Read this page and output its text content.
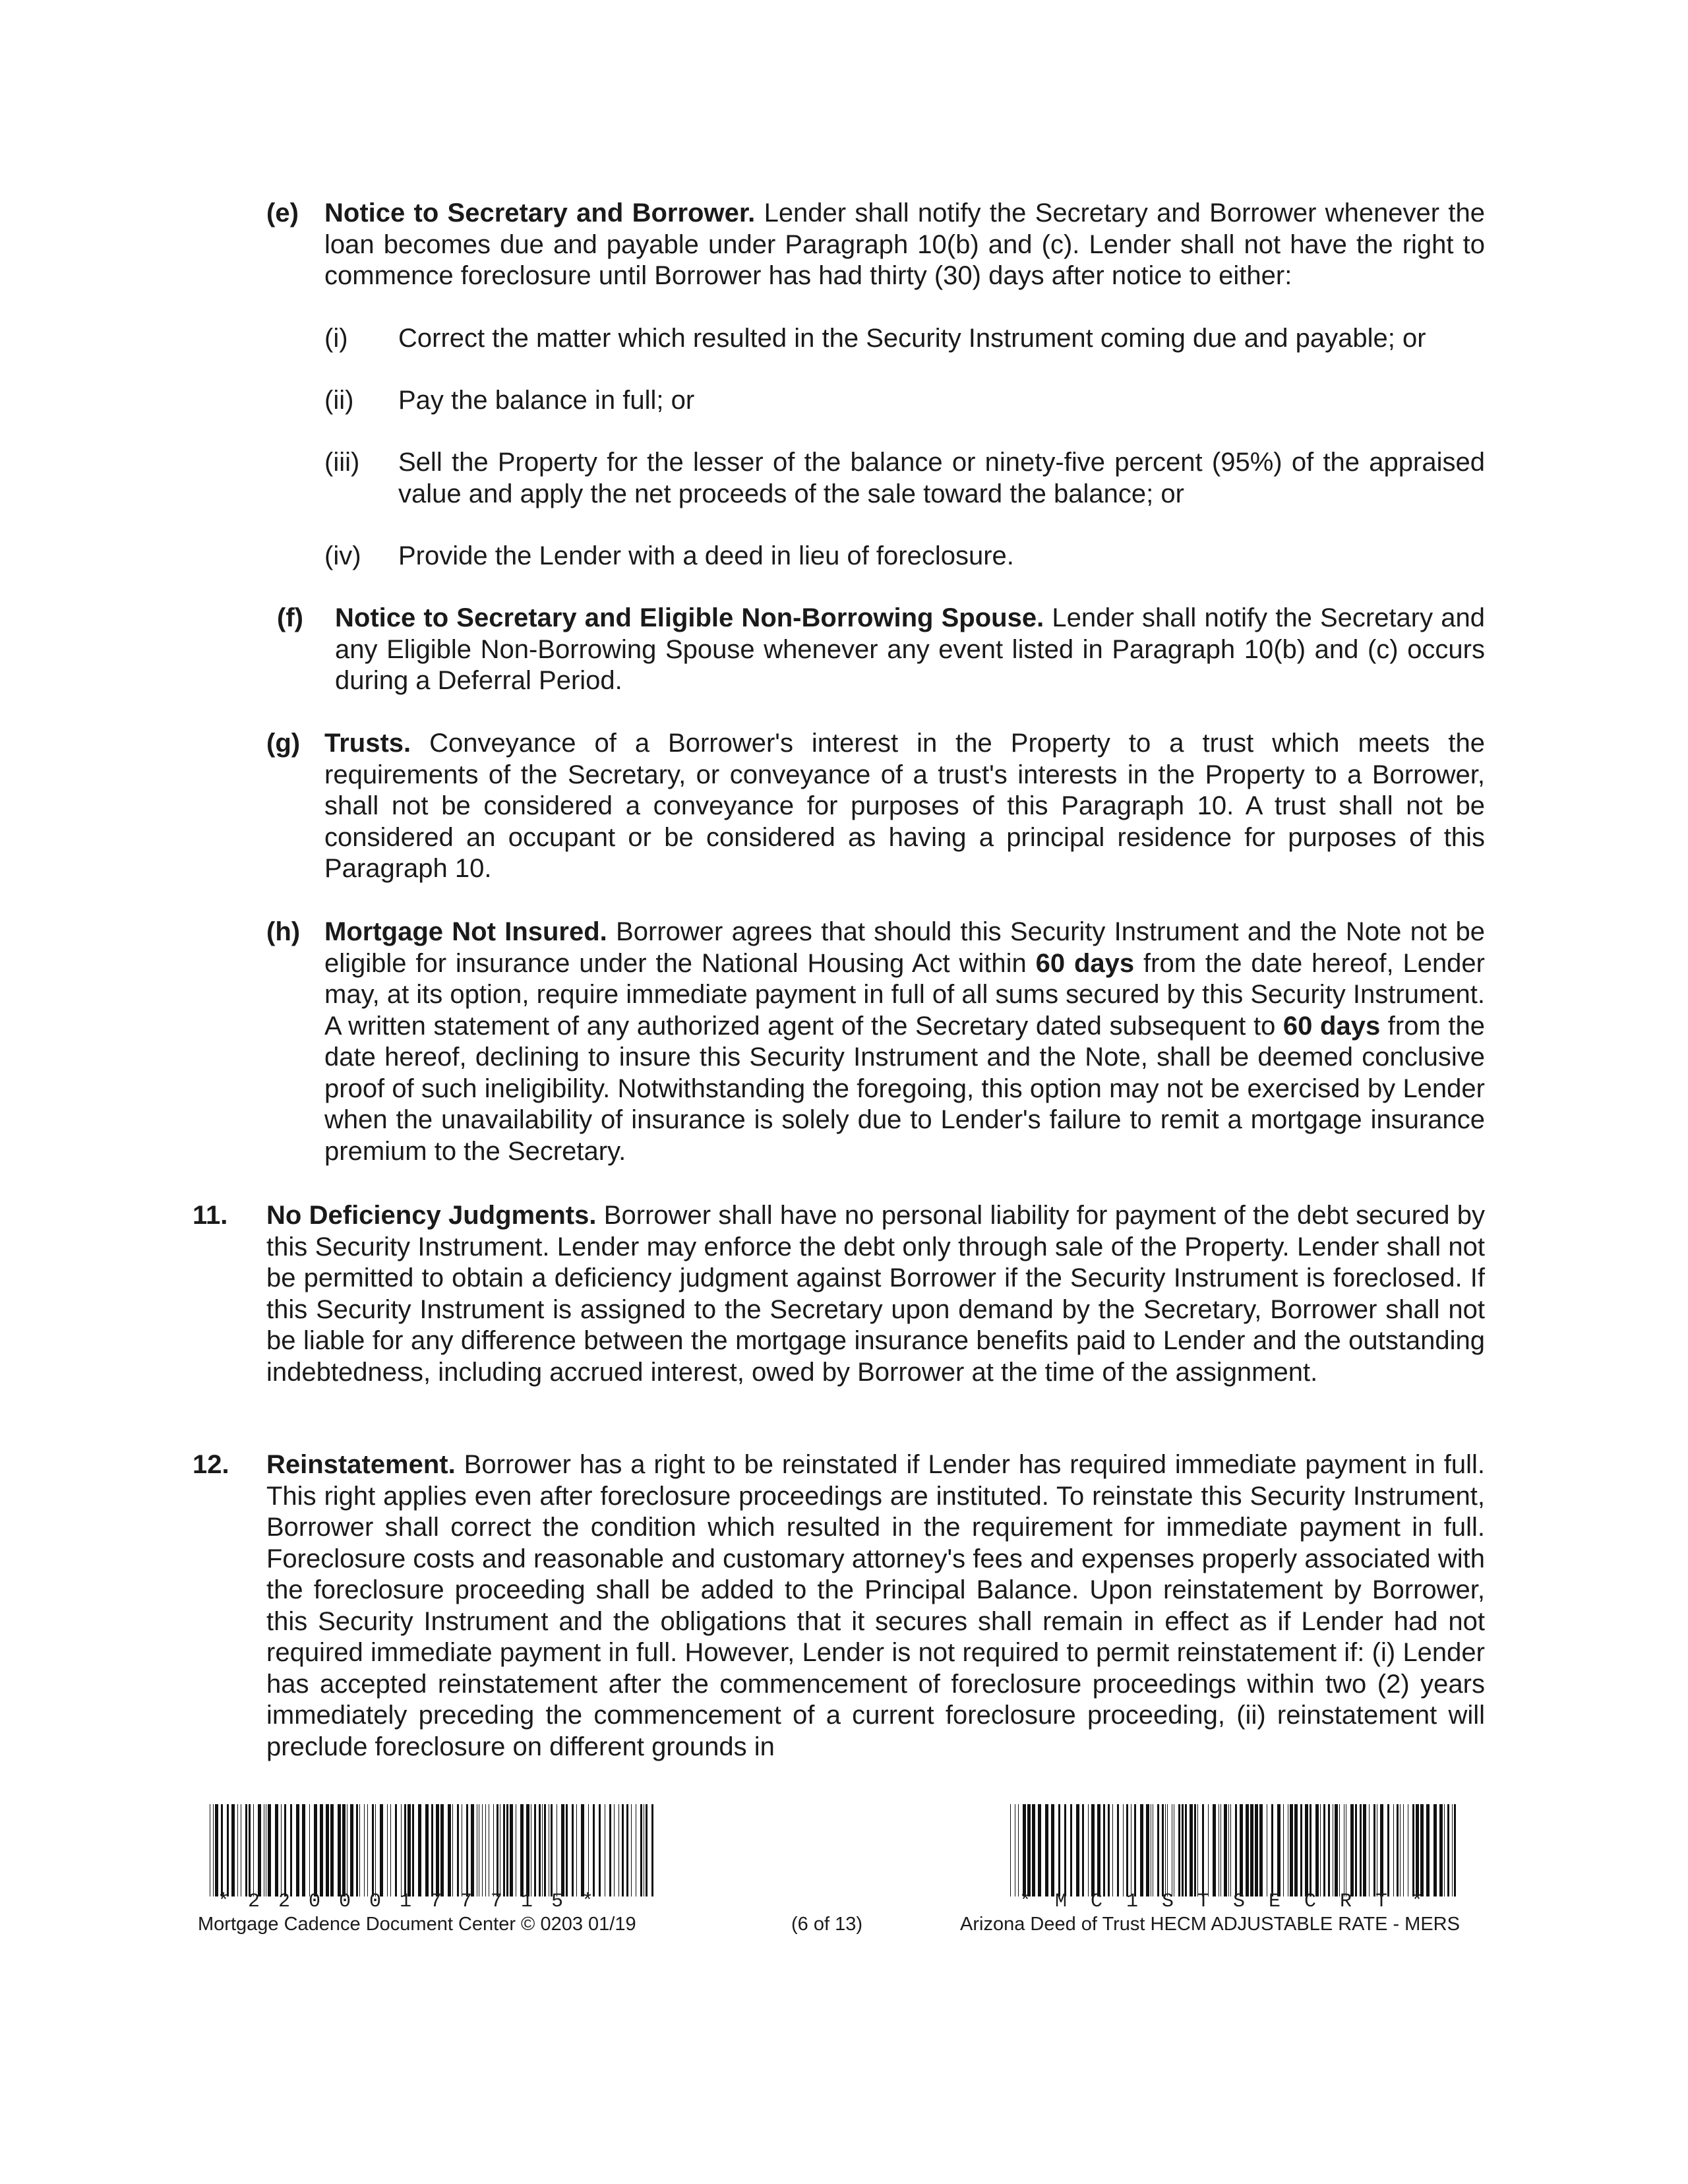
(e) Notice to Secretary and Borrower. Lender shall notify the Secretary and Borrower whenever the loan becomes due and payable under Paragraph 10(b) and (c). Lender shall not have the right to commence foreclosure until Borrower has had thirty (30) days after notice to either:
(i) Correct the matter which resulted in the Security Instrument coming due and payable; or
(ii) Pay the balance in full; or
(iii) Sell the Property for the lesser of the balance or ninety-five percent (95%) of the appraised value and apply the net proceeds of the sale toward the balance; or
(iv) Provide the Lender with a deed in lieu of foreclosure.
(f) Notice to Secretary and Eligible Non-Borrowing Spouse. Lender shall notify the Secretary and any Eligible Non-Borrowing Spouse whenever any event listed in Paragraph 10(b) and (c) occurs during a Deferral Period.
(g) Trusts. Conveyance of a Borrower's interest in the Property to a trust which meets the requirements of the Secretary, or conveyance of a trust's interests in the Property to a Borrower, shall not be considered a conveyance for purposes of this Paragraph 10. A trust shall not be considered an occupant or be considered as having a principal residence for purposes of this Paragraph 10.
(h) Mortgage Not Insured. Borrower agrees that should this Security Instrument and the Note not be eligible for insurance under the National Housing Act within 60 days from the date hereof, Lender may, at its option, require immediate payment in full of all sums secured by this Security Instrument. A written statement of any authorized agent of the Secretary dated subsequent to 60 days from the date hereof, declining to insure this Security Instrument and the Note, shall be deemed conclusive proof of such ineligibility. Notwithstanding the foregoing, this option may not be exercised by Lender when the unavailability of insurance is solely due to Lender's failure to remit a mortgage insurance premium to the Secretary.
11. No Deficiency Judgments. Borrower shall have no personal liability for payment of the debt secured by this Security Instrument. Lender may enforce the debt only through sale of the Property. Lender shall not be permitted to obtain a deficiency judgment against Borrower if the Security Instrument is foreclosed. If this Security Instrument is assigned to the Secretary upon demand by the Secretary, Borrower shall not be liable for any difference between the mortgage insurance benefits paid to Lender and the outstanding indebtedness, including accrued interest, owed by Borrower at the time of the assignment.
12. Reinstatement. Borrower has a right to be reinstated if Lender has required immediate payment in full. This right applies even after foreclosure proceedings are instituted. To reinstate this Security Instrument, Borrower shall correct the condition which resulted in the requirement for immediate payment in full. Foreclosure costs and reasonable and customary attorney's fees and expenses properly associated with the foreclosure proceeding shall be added to the Principal Balance. Upon reinstatement by Borrower, this Security Instrument and the obligations that it secures shall remain in effect as if Lender had not required immediate payment in full. However, Lender is not required to permit reinstatement if: (i) Lender has accepted reinstatement after the commencement of foreclosure proceedings within two (2) years immediately preceding the commencement of a current foreclosure proceeding, (ii) reinstatement will preclude foreclosure on different grounds in
*22000177715*	*MC1STSECRT*
Mortgage Cadence Document Center © 0203 01/19	(6 of 13)	Arizona Deed of Trust HECM ADJUSTABLE RATE - MERS
